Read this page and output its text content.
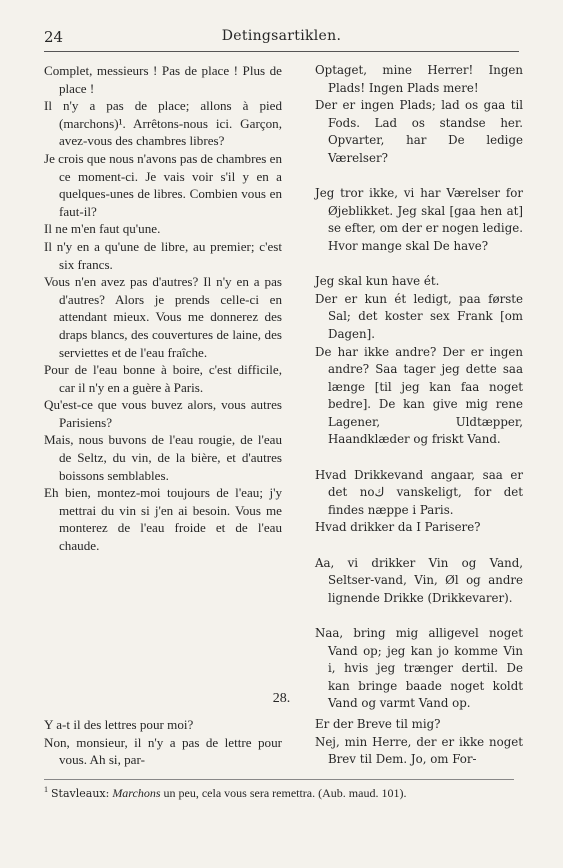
24	Detingsartiklen.

Complet, messieurs ! Pas de place ! Plus de place !

Il n'y a pas de place; allons à pied (marchons)¹. Arrêtons-nous ici. Garçon, avez-vous des chambres libres?

Je crois que nous n'avons pas de chambres en ce moment-ci. Je vais voir s'il y en a quelques-unes de libres. Combien vous en faut-il?

Il ne m'en faut qu'une.

Il n'y en a qu'une de libre, au premier; c'est six francs.

Vous n'en avez pas d'autres? Il n'y en a pas d'autres? Alors je prends celle-ci en attendant mieux. Vous me donnerez des draps blancs, des couvertures de laine, des serviettes et de l'eau fraîche.

Pour de l'eau bonne à boire, c'est difficile, car il n'y en a guère à Paris.

Qu'est-ce que vous buvez alors, vous autres Parisiens?

Mais, nous buvons de l'eau rougie, de l'eau de Seltz, du vin, de la bière, et d'autres boissons semblables.

Eh bien, montez-moi toujours de l'eau; j'y mettrai du vin si j'en ai besoin. Vous me monterez de l'eau froide et de l'eau chaude.

Optaget, mine Herrer! Ingen Plads! Ingen Plads mere!

Der er ingen Plads; lad os gaa til Fods. Lad os standse her. Opvarter, har De ledige Værelser?

Jeg tror ikke, vi har Værelser for Øjeblikket. Jeg skal [gaa hen at] se efter, om der er nogen ledige. Hvor mange skal De have?

Jeg skal kun have ét.

Der er kun ét ledigt, paa første Sal; det koster sex Frank [om Dagen].

De har ikke andre? Der er ingen andre? Saa tager jeg dette saa længe [til jeg kan faa noget bedre]. De kan give mig rene Lagener, Uldtæpper, Haandklæder og friskt Vand.

Hvad Drikkevand angaar, saa er det noك vanskeligt, for det findes næppe i Paris.

Hvad drikker da I Parisere?

Aa, vi drikker Vin og Vand, Seltser-vand, Vin, Øl og andre lignende Drikke (Drikkevarer).

Naa, bring mig alligevel noget Vand op; jeg kan jo komme Vin i, hvis jeg trænger dertil. De kan bringe baade noget koldt Vand og varmt Vand op.

28.

Y a-t il des lettres pour moi?

Non, monsieur, il n'y a pas de lettre pour vous. Ah si, par-

Er der Breve til mig?

Nej, min Herre, der er ikke noget Brev til Dem. Jo, om For-

$^1$ Stavleaux: Marchons un peu, cela vous sera remettra. (Aub. maud. 101).
